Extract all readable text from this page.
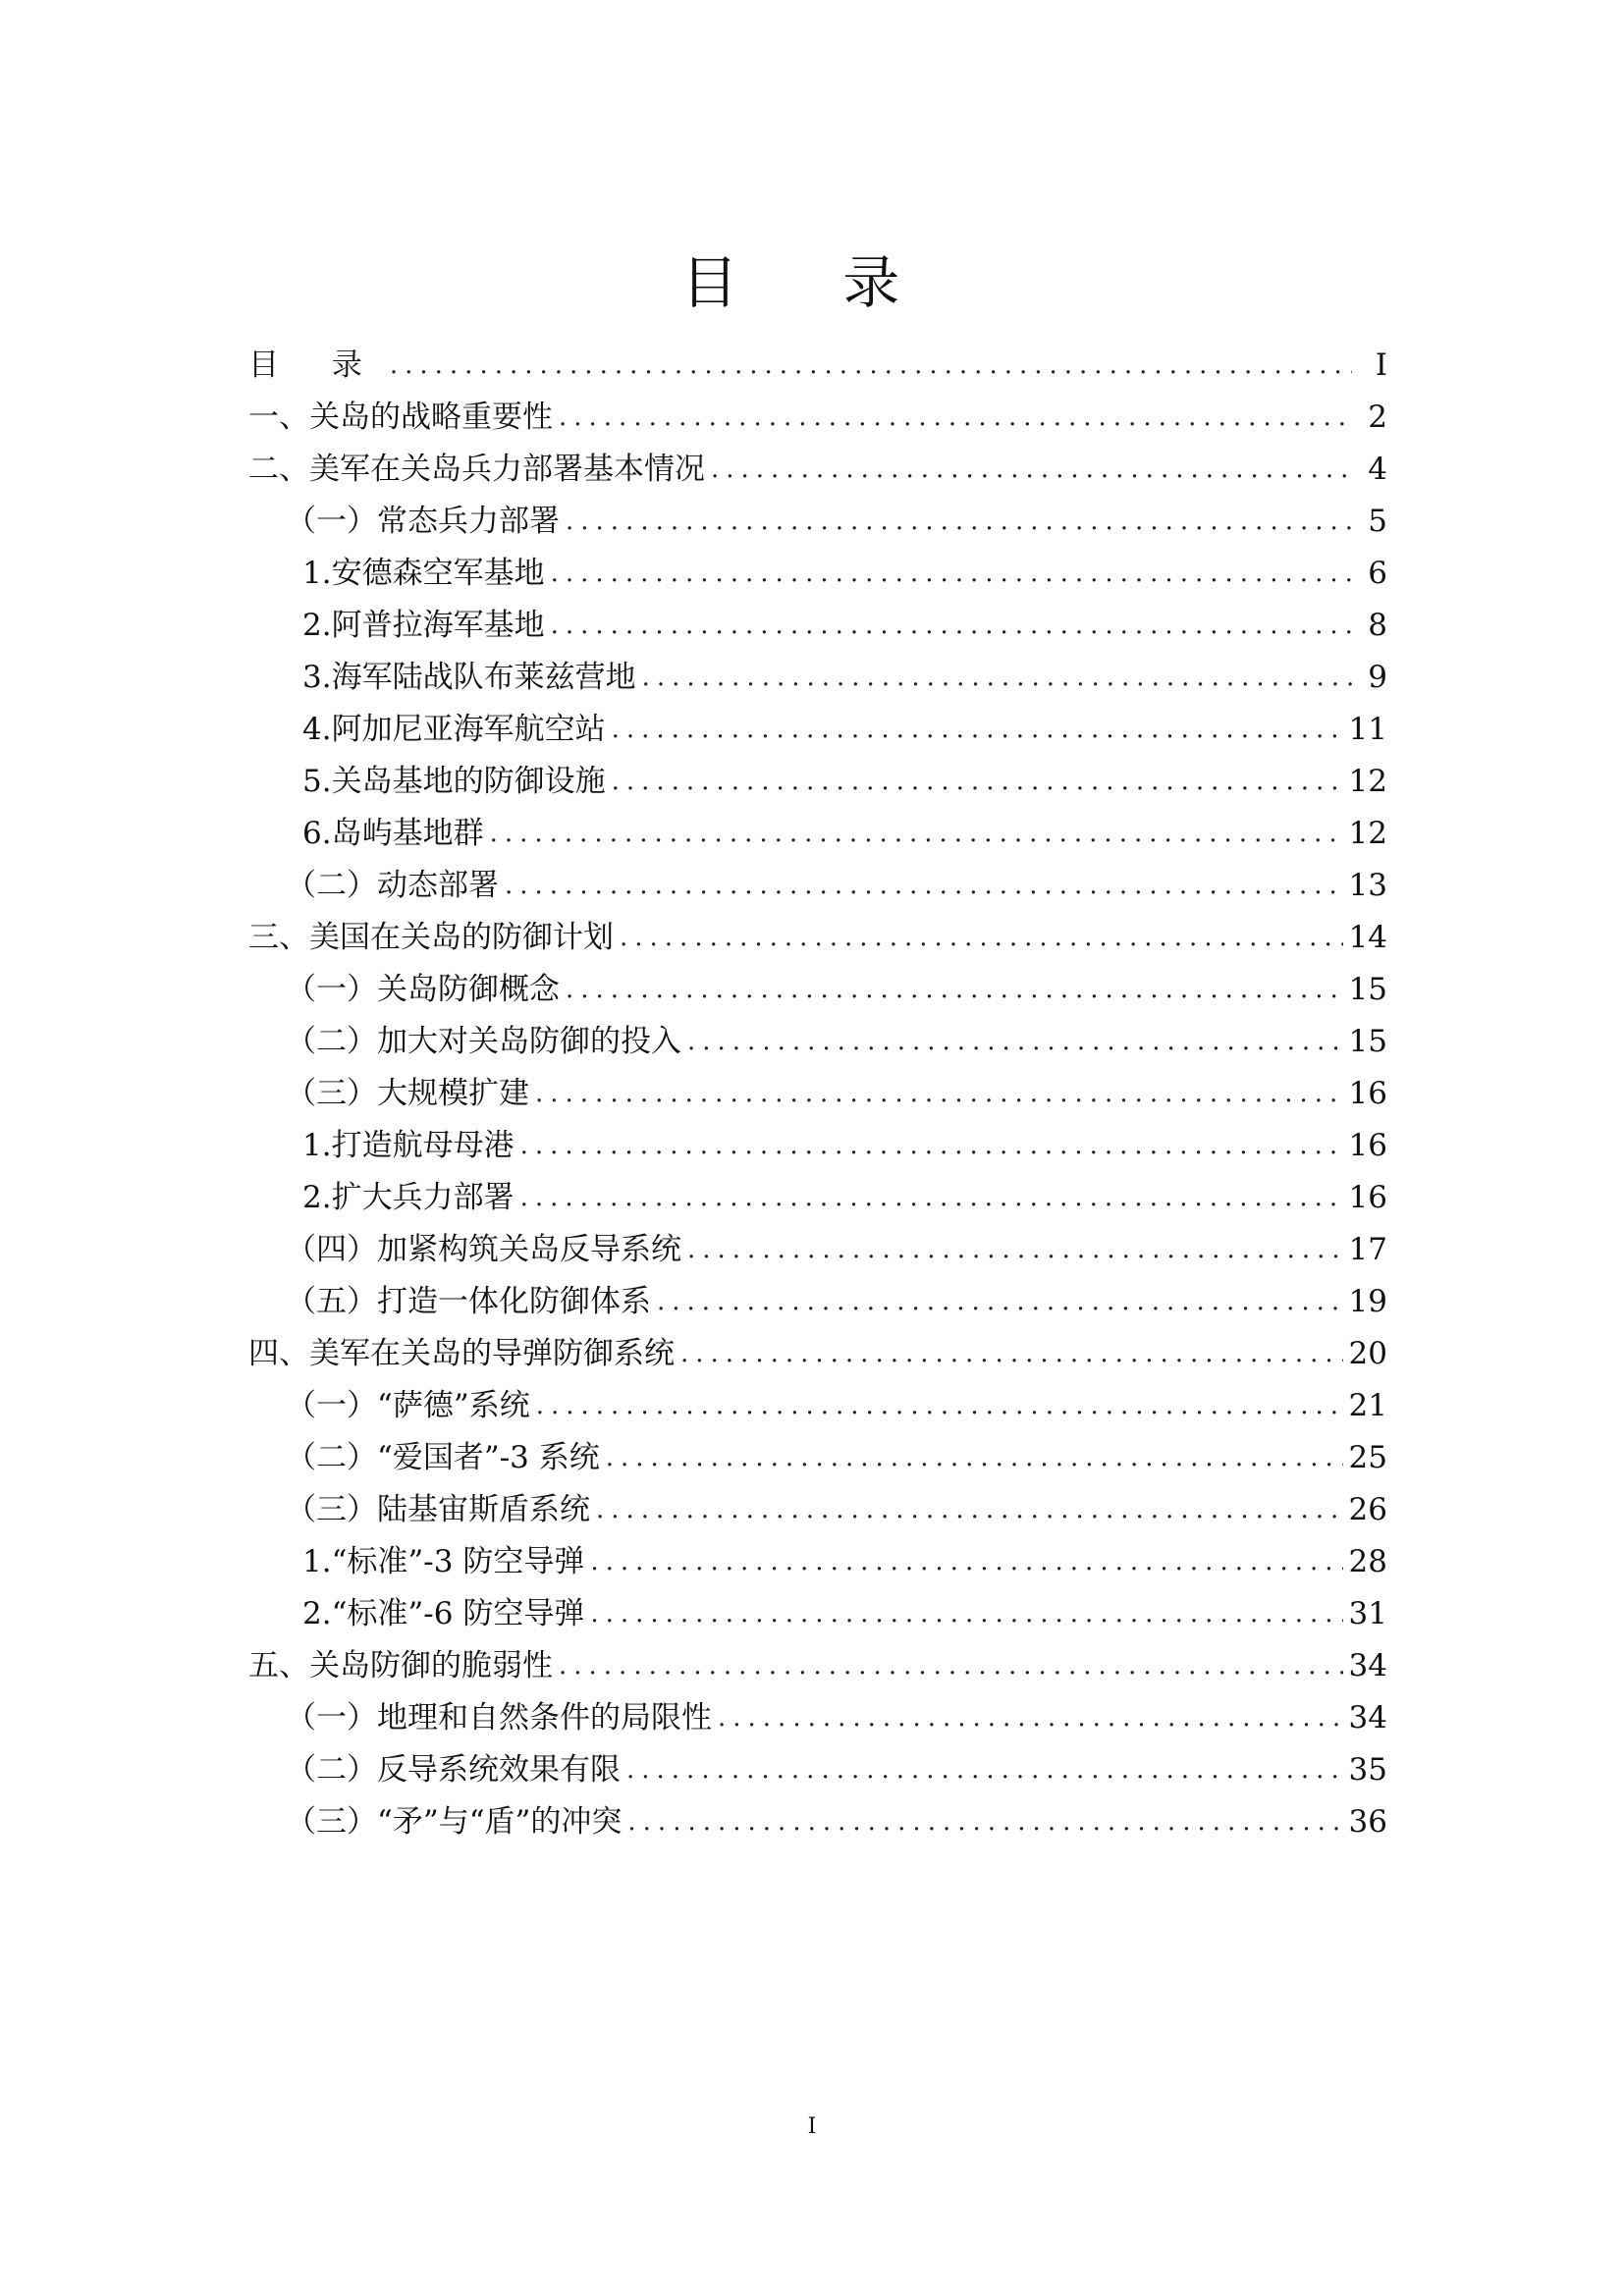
目 录
目 录 .....	I
一、关岛的战略重要性 .....	2
二、美军在关岛兵力部署基本情况 .....	4
（一）常态兵力部署 .....	5
1.安德森空军基地 .....	6
2.阿普拉海军基地 .....	8
3.海军陆战队布莱兹营地 .....	9
4.阿加尼亚海军航空站 .....	11
5.关岛基地的防御设施 .....	12
6.岛屿基地群 .....	12
（二）动态部署 .....	13
三、美国在关岛的防御计划 .....	14
（一）关岛防御概念 .....	15
（二）加大对关岛防御的投入 .....	15
（三）大规模扩建 .....	16
1.打造航母母港 .....	16
2.扩大兵力部署 .....	16
（四）加紧构筑关岛反导系统 .....	17
（五）打造一体化防御体系 .....	19
四、美军在关岛的导弹防御系统 .....	20
（一）“萨德”系统 .....	21
（二）“爱国者”-3 系统 .....	25
（三）陆基宙斯盾系统 .....	26
1.“标准”-3 防空导弹 .....	28
2.“标准”-6 防空导弹 .....	31
五、关岛防御的脆弱性 .....	34
（一）地理和自然条件的局限性 .....	34
（二）反导系统效果有限 .....	35
（三）“矛”与“盾”的冲突 .....	36
I
